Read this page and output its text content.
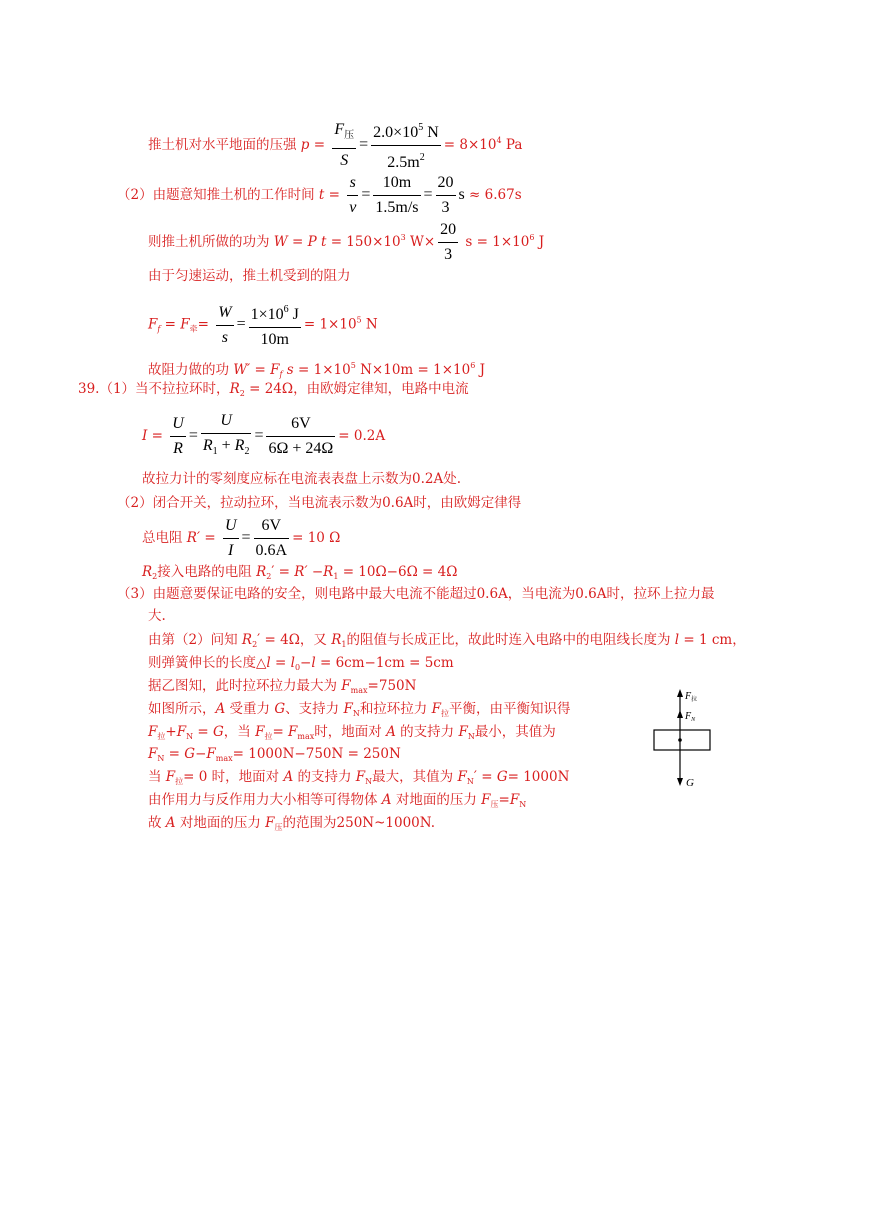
推土机对水平地面的压强 $p = \frac{F_压}{S} = \frac{2.0\times 10^5 N}{2.5m^2} = 8\times 10^4$ Pa
（2）由题意知推土机的工作时间 $t = \frac{s}{v} = \frac{10m}{1.5m/s} = \frac{20}{3}$ s ≈ 6.67s
则推土机所做的功为 W = P $t = 150\times 10^3$ $W\times \frac{20}{3}$ $s = 1\times 10^6$ J
由于匀速运动，推土机受到的阻力
$F_f = F_牵= \frac{W}{s} = \frac{1\times 10^6 J}{10m} = 1\times 10^5$ N
故阻力做的功 $W' = F_f$ $s = 1\times 10^5$ $N\times 10m = 1\times 10^6$ J
39.（1）当不拉拉环时，$R_2 = 24\Omega$，由欧姆定律知，电路中电流
$I = \frac{U}{R} = \frac{U}{R_1 + R_2} = \frac{6V}{6\Omega + 24\Omega} = 0.2A$
故拉力计的零刻度应标在电流表表盘上示数为0.2A处.
（2）闭合开关，拉动拉环，当电流表示数为0.6A时，由欧姆定律得
总电阻 $R' = \frac{U}{I} = \frac{6V}{0.6A} = 10$ Ω
$R_2$接入电路的电阻 $R_2' = R' -R_1 = 10\Omega-6\Omega = 4\Omega$
（3）由题意要保证电路的安全，则电路中最大电流不能超过0.6A，当电流为0.6A时，拉环上拉力最
大.
由第（2）问知 $R_2' = 4\Omega$，又 $R_1$的阻值与长成正比，故此时连入电路中的电阻线长度为 l = 1 cm，
则弹簧伸长的长度△l = $l_0-l = 6cm-1cm = 5cm$
据乙图知，此时拉环拉力最大为 $F_{max}=750N$
如图所示，A 受重力 G、支持力 $F_N$和拉环拉力 $F_拉$平衡，由平衡知识得
$F_拉+F_N = G$，当 $F_拉= F_{max}$时，地面对 A 的支持力 $F_N$最小，其值为
$F_N = G-F_{max}= 1000N-750N = 250N$
当 $F_拉= 0$ 时，地面对 A 的支持力 $F_N$最大，其值为 $F_N' = G= 1000N$
由作用力与反作用力大小相等可得物体 A 对地面的压力 $F_压=F_N$
故 A 对地面的压力 $F_压$的范围为250N~1000N.
$F_拉$
$F_N$
G
